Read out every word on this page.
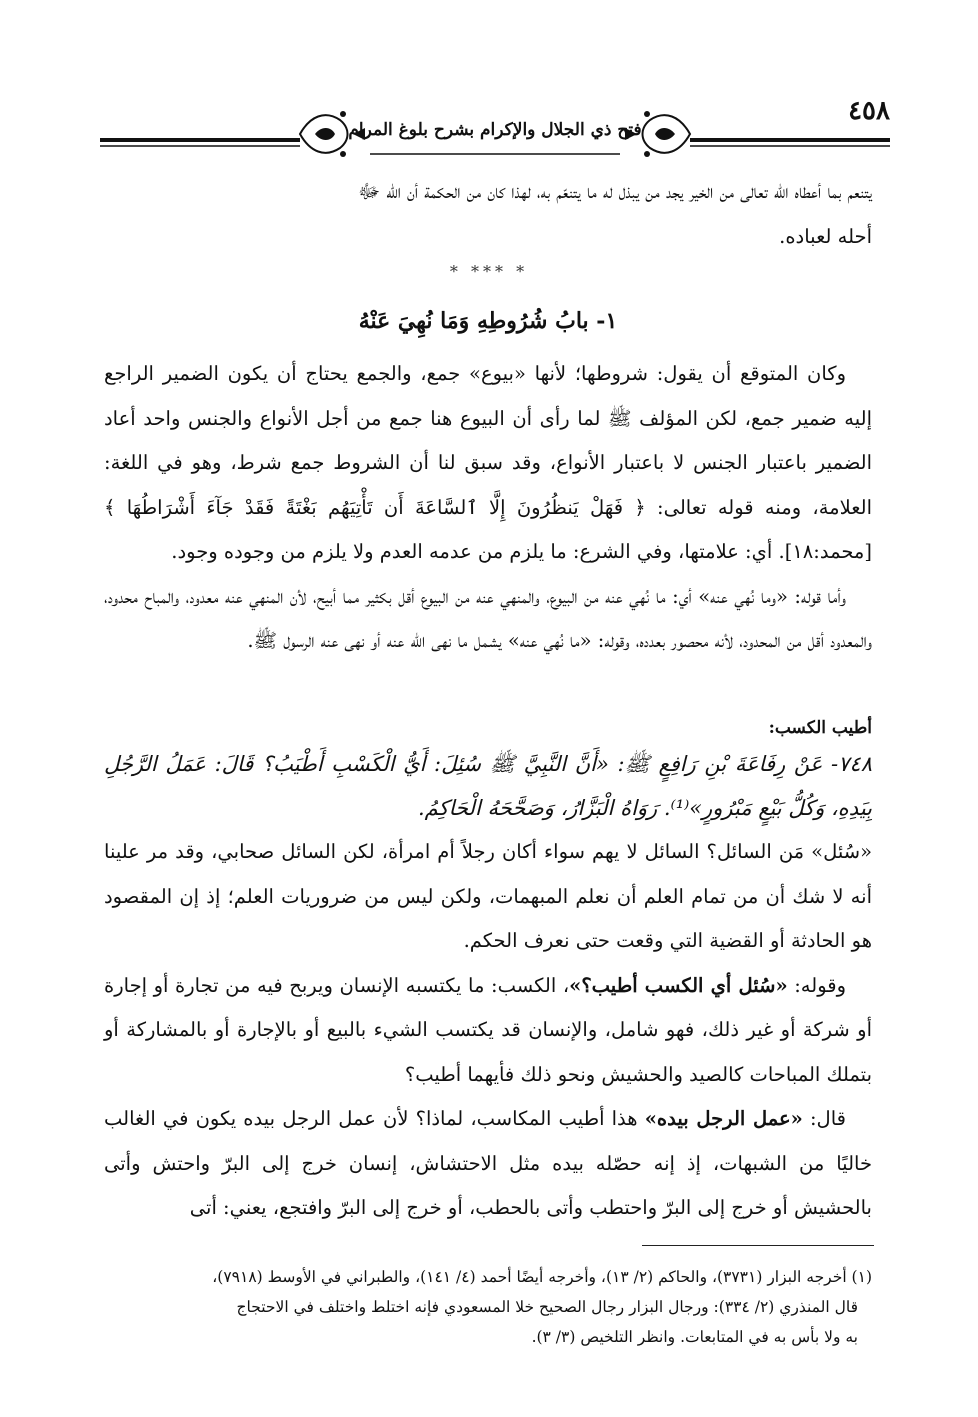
٤٥٨
فتح ذي الجلال والإكرام بشرح بلوغ المرام

يتنعم بما أعطاه الله تعالى من الخير يجد من يبذل له ما يتنعّم به، لهذا كان من الحكمة أن الله ﷻ

أحله لعباده.

* *** *
١- بابُ شُرُوطِهِ وَمَا نُهِيَ عَنْهُ

وكان المتوقع أن يقول: شروطها؛ لأنها «بيوع» جمع، والجمع يحتاج أن يكون الضمير الراجع إليه ضمير جمع، لكن المؤلف ﷺ لما رأى أن البيوع هنا جمع من أجل الأنواع والجنس واحد أعاد الضمير باعتبار الجنس لا باعتبار الأنواع، وقد سبق لنا أن الشروط جمع شرط، وهو في اللغة: العلامة، ومنه قوله تعالى: ﴿ فَهَلْ يَنظُرُونَ إِلَّا ٱلسَّاعَةَ أَن تَأْتِيَهُم بَغْتَةً فَقَدْ جَآءَ أَشْرَاطُهَا ﴾ [محمد:١٨]. أي: علامتها، وفي الشرع: ما يلزم من عدمه العدم ولا يلزم من وجوده وجود.

وأما قوله: «وما نُهي عنه» أي: ما نُهي عنه من البيوع، والمنهي عنه من البيوع أقل بكثير مما أبيح، لأن المنهي عنه معدود، والمباح محدود، والمعدود أقل من المحدود، لأنه محصور بعدده، وقوله: «ما نُهي عنه» يشمل ما نهى الله عنه أو نهى عنه الرسول ﷺ.

أطيب الكسب:
٧٤٨- عَنْ رِفَاعَةَ بْنِ رَافِعٍ ﷺ: «أَنَّ النَّبِيَّ ﷺ سُئِلَ: أَيُّ الْكَسْبِ أَطْيَبُ؟ قَالَ: عَمَلُ الرَّجُلِ بِيَدِهِ، وَكُلُّ بَيْعٍ مَبْرُورٍ»⁽¹⁾. رَوَاهُ الْبَزَّارُ، وَصَحَّحَهُ الْحَاكِمُ.

«سُئل» مَن السائل؟ السائل لا يهم سواء أكان رجلاً أم امرأة، لكن السائل صحابي، وقد مر علينا أنه لا شك أن من تمام العلم أن نعلم المبهمات، ولكن ليس من ضروريات العلم؛ إذ إن المقصود هو الحادثة أو القضية التي وقعت حتى نعرف الحكم.

وقوله: «سُئل أي الكسب أطيب؟»، الكسب: ما يكتسبه الإنسان ويربح فيه من تجارة أو إجارة أو شركة أو غير ذلك، فهو شامل، والإنسان قد يكتسب الشيء بالبيع أو بالإجارة أو بالمشاركة أو بتملك المباحات كالصيد والحشيش ونحو ذلك فأيهما أطيب؟

قال: «عمل الرجل بيده» هذا أطيب المكاسب، لماذا؟ لأن عمل الرجل بيده يكون في الغالب خاليًا من الشبهات، إذ إنه حصّله بيده مثل الاحتشاش، إنسان خرج إلى البرّ واحتش وأتى بالحشيش أو خرج إلى البرّ واحتطب وأتى بالحطب، أو خرج إلى البرّ وافتجع، يعني: أتى

(١) أخرجه البزار (٣٧٣١)، والحاكم (٢/ ١٣)، وأخرجه أيضًا أحمد (٤/ ١٤١)، والطبراني في الأوسط (٧٩١٨)،

قال المنذري (٢/ ٣٣٤): ورجال البزار رجال الصحيح خلا المسعودي فإنه اختلط واختلف في الاحتجاج

به ولا بأس به في المتابعات. وانظر التلخيص (٣/ ٣).
